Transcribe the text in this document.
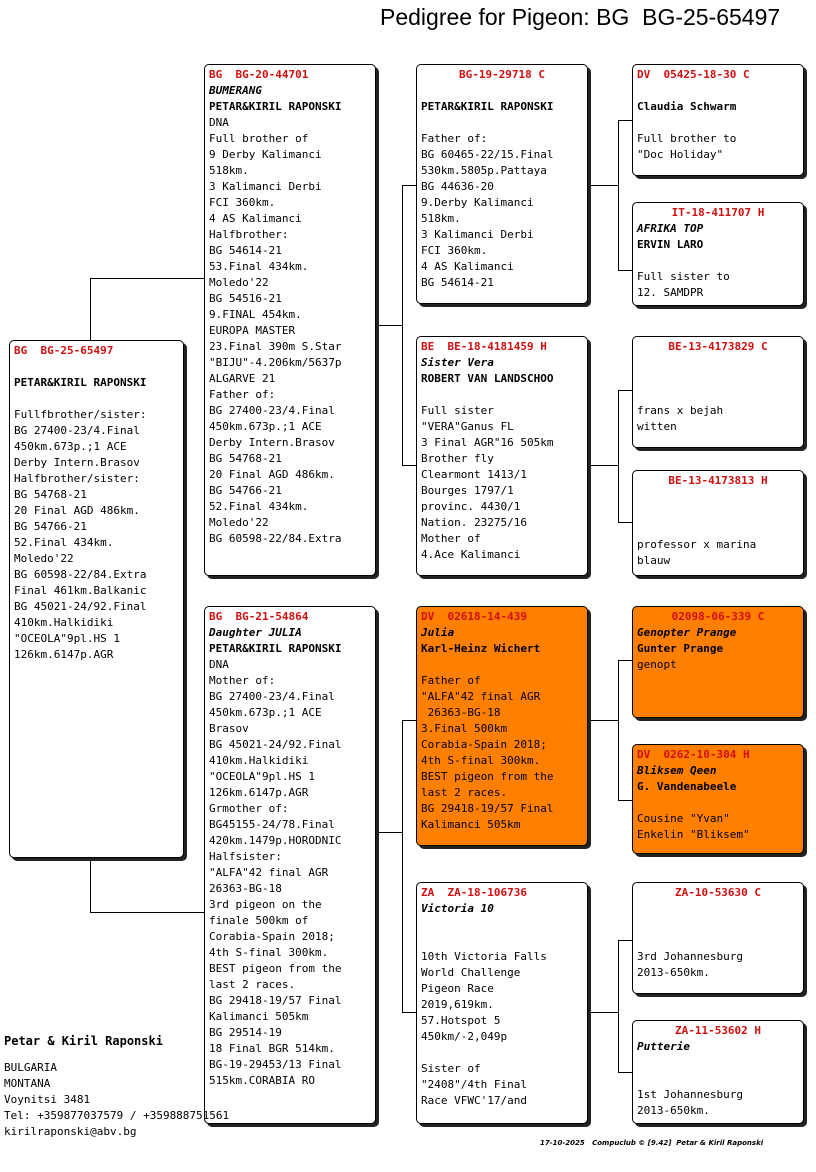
Pedigree for Pigeon: BG  BG-25-65497
BG  BG-25-65497
PETAR&KIRIL RAPONSKI
Fullfbrother/sister:
BG 27400-23/4.Final
450km.673p.;1 ACE
Derby Intern.Brasov
Halfbrother/sister:
BG 54768-21
20 Final AGD 486km.
BG 54766-21
52.Final 434km.
Moledo'22
BG 60598-22/84.Extra
Final 461km.Balkanic
BG 45021-24/92.Final
410km.Halkidiki
"OCEOLA"9pl.HS 1
126km.6147p.AGR
BG  BG-20-44701
BUMERANG
PETAR&KIRIL RAPONSKI
DNA
Full brother of
9 Derby Kalimanci
518km.
3 Kalimanci Derbi
FCI 360km.
4 AS Kalimanci
Halfbrother:
BG 54614-21
53.Final 434km.
Moledo'22
BG 54516-21
9.FINAL 454km.
EUROPA MASTER
23.Final 390m S.Star
"BIJU"-4.206km/5637p
ALGARVE 21
Father of:
BG 27400-23/4.Final
450km.673p.;1 ACE
Derby Intern.Brasov
BG 54768-21
20 Final AGD 486km.
BG 54766-21
52.Final 434km.
Moledo'22
BG 60598-22/84.Extra
BG  BG-21-54864
Daughter JULIA
PETAR&KIRIL RAPONSKI
DNA
Mother of:
BG 27400-23/4.Final
450km.673p.;1 ACE
Brasov
BG 45021-24/92.Final
410km.Halkidiki
"OCEOLA"9pl.HS 1
126km.6147p.AGR
Grmother of:
BG45155-24/78.Final
420km.1479p.HORODNIC
Halfsister:
"ALFA"42 final AGR
26363-BG-18
3rd pigeon on the
finale 500km of
Corabia-Spain 2018;
4th S-final 300km.
BEST pigeon from the
last 2 races.
BG 29418-19/57 Final
Kalimanci 505km
BG 29514-19
18 Final BGR 514km.
BG-19-29453/13 Final
515km.CORABIA RO
BG-19-29718 C
PETAR&KIRIL RAPONSKI
Father of:
BG 60465-22/15.Final
530km.5805p.Pattaya
BG 44636-20
9.Derby Kalimanci
518km.
3 Kalimanci Derbi
FCI 360km.
4 AS Kalimanci
BG 54614-21
BE  BE-18-4181459 H
Sister Vera
ROBERT VAN LANDSCHOO
Full sister
"VERA"Ganus FL
3 Final AGR"16 505km
Brother fly
Clearmont 1413/1
Bourges 1797/1
provinc. 4430/1
Nation. 23275/16
Mother of
4.Ace Kalimanci
DV  02618-14-439
Julia
Karl-Heinz Wichert
Father of
"ALFA"42 final AGR
26363-BG-18
3.Final 500km
Corabia-Spain 2018;
4th S-final 300km.
BEST pigeon from the
last 2 races.
BG 29418-19/57 Final
Kalimanci 505km
ZA  ZA-18-106736
Victoria 10
10th Victoria Falls
World Challenge
Pigeon Race
2019,619km.
57.Hotspot 5
450km/-2,049p

Sister of
"2408"/4th Final
Race VFWC'17/and
DV  05425-18-30 C
Claudia Schwarm
Full brother to
"Doc Holiday"
IT-18-411707 H
AFRIKA TOP
ERVIN LARO
Full sister to
12. SAMDPR
BE-13-4173829 C
frans x bejah
witten
BE-13-4173813 H
professor x marina
blauw
02098-06-339 C
Genopter Prange
Gunter Prange
genopt
DV  0262-10-304 H
Bliksem Qeen
G. Vandenabeele
Cousine "Yvan"
Enkelin "Bliksem"
ZA-10-53630 C
3rd Johannesburg
2013-650km.
ZA-11-53602 H
Putterie
1st Johannesburg
2013-650km.
Petar & Kiril Raponski
BULGARIA
MONTANA
Voynitsi 3481
Tel: +359877037579 / +359888751561
kirilraponski@abv.bg
17-10-2025   Compuclub © [9.42]  Petar & Kiril Raponski
